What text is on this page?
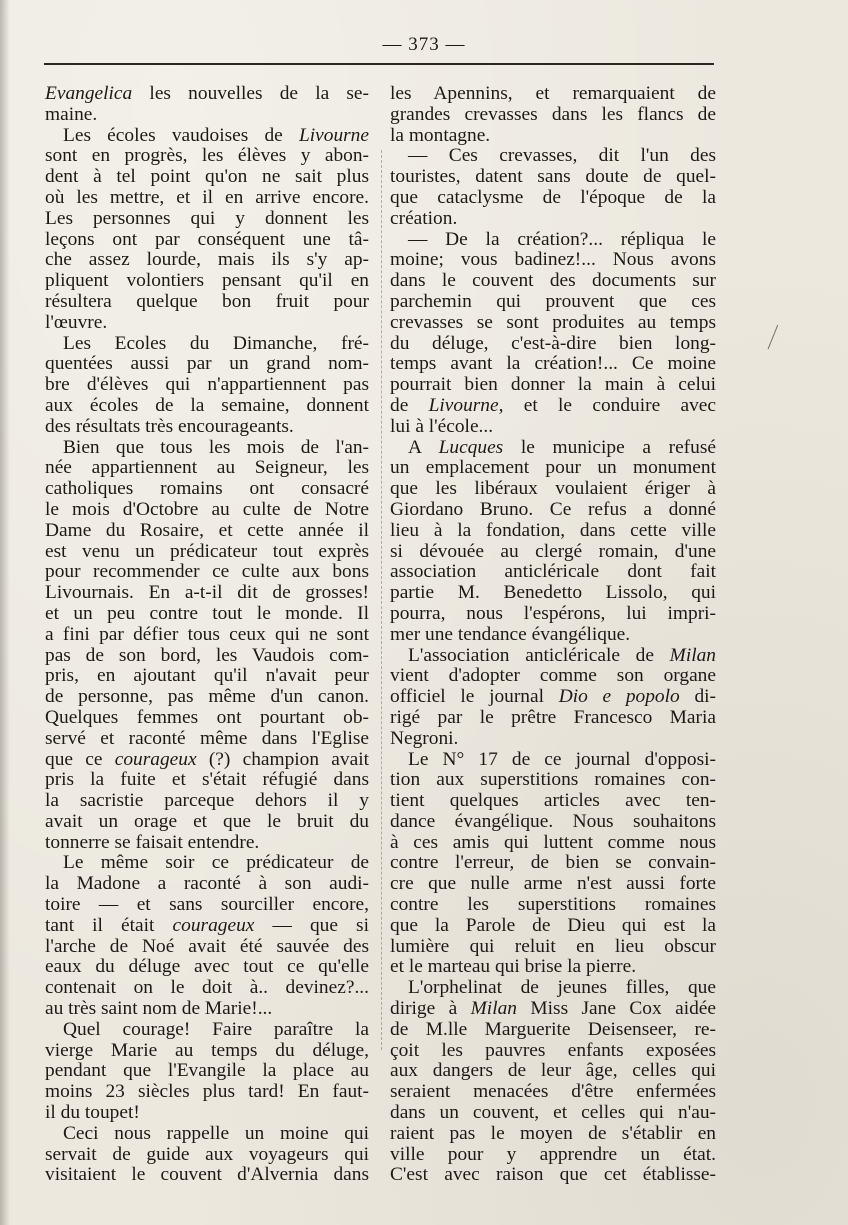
— 373 —
Evangelica les nouvelles de la se-
maine.
Les écoles vaudoises de Livourne
sont en progrès, les élèves y abon-
dent à tel point qu'on ne sait plus
où les mettre, et il en arrive encore.
Les personnes qui y donnent les
leçons ont par conséquent une tâ-
che assez lourde, mais ils s'y ap-
pliquent volontiers pensant qu'il en
résultera quelque bon fruit pour
l'œuvre.
Les Ecoles du Dimanche, fré-
quentées aussi par un grand nom-
bre d'élèves qui n'appartiennent pas
aux écoles de la semaine, donnent
des résultats très encourageants.
Bien que tous les mois de l'an-
née appartiennent au Seigneur, les
catholiques romains ont consacré
le mois d'Octobre au culte de Notre
Dame du Rosaire, et cette année il
est venu un prédicateur tout exprès
pour recommender ce culte aux bons
Livournais. En a-t-il dit de grosses!
et un peu contre tout le monde. Il
a fini par défier tous ceux qui ne sont
pas de son bord, les Vaudois com-
pris, en ajoutant qu'il n'avait peur
de personne, pas même d'un canon.
Quelques femmes ont pourtant ob-
servé et raconté même dans l'Eglise
que ce courageux (?) champion avait
pris la fuite et s'était réfugié dans
la sacristie parceque dehors il y
avait un orage et que le bruit du
tonnerre se faisait entendre.
Le même soir ce prédicateur de
la Madone a raconté à son audi-
toire — et sans sourciller encore,
tant il était courageux — que si
l'arche de Noé avait été sauvée des
eaux du déluge avec tout ce qu'elle
contenait on le doit à.. devinez?...
au très saint nom de Marie!...
Quel courage! Faire paraître la
vierge Marie au temps du déluge,
pendant que l'Evangile la place au
moins 23 siècles plus tard! En faut-
il du toupet!
Ceci nous rappelle un moine qui
servait de guide aux voyageurs qui
visitaient le couvent d'Alvernia dans
les Apennins, et remarquaient de
grandes crevasses dans les flancs de
la montagne.
— Ces crevasses, dit l'un des
touristes, datent sans doute de quel-
que cataclysme de l'époque de la
création.
— De la création?... répliqua le
moine; vous badinez!... Nous avons
dans le couvent des documents sur
parchemin qui prouvent que ces
crevasses se sont produites au temps
du déluge, c'est-à-dire bien long-
temps avant la création!... Ce moine
pourrait bien donner la main à celui
de Livourne, et le conduire avec
lui à l'école...
A Lucques le municipe a refusé
un emplacement pour un monument
que les libéraux voulaient ériger à
Giordano Bruno. Ce refus a donné
lieu à la fondation, dans cette ville
si dévouée au clergé romain, d'une
association anticléricale dont fait
partie M. Benedetto Lissolo, qui
pourra, nous l'espérons, lui impri-
mer une tendance évangélique.
L'association anticléricale de Milan
vient d'adopter comme son organe
officiel le journal Dio e popolo di-
rigé par le prêtre Francesco Maria
Negroni.
Le N° 17 de ce journal d'opposi-
tion aux superstitions romaines con-
tient quelques articles avec ten-
dance évangélique. Nous souhaitons
à ces amis qui luttent comme nous
contre l'erreur, de bien se convain-
cre que nulle arme n'est aussi forte
contre les superstitions romaines
que la Parole de Dieu qui est la
lumière qui reluit en lieu obscur
et le marteau qui brise la pierre.
L'orphelinat de jeunes filles, que
dirige à Milan Miss Jane Cox aidée
de M.lle Marguerite Deisenseer, re-
çoit les pauvres enfants exposées
aux dangers de leur âge, celles qui
seraient menacées d'être enfermées
dans un couvent, et celles qui n'au-
raient pas le moyen de s'établir en
ville pour y apprendre un état.
C'est avec raison que cet établisse-
